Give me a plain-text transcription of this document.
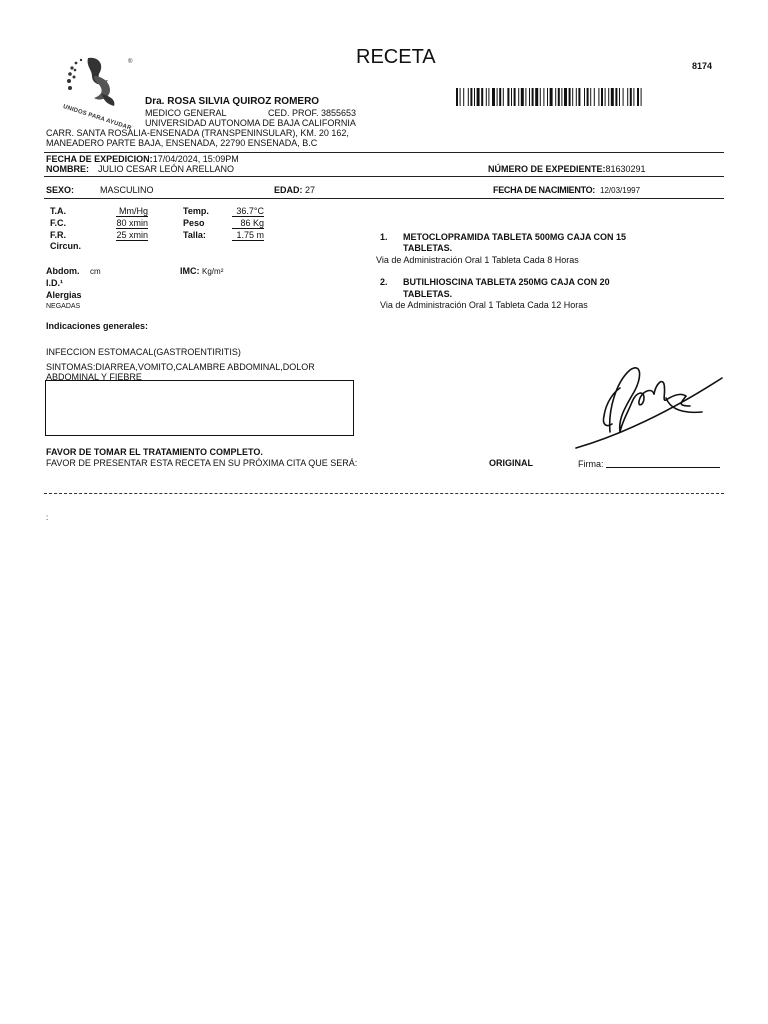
RECETA	8174
®
UNIDOS PARA AYUDAR
Dra. ROSA SILVIA QUIROZ ROMERO
MEDICO GENERAL	CED. PROF. 3855653
UNIVERSIDAD AUTONOMA DE BAJA CALIFORNIA
CARR. SANTA ROSALIA-ENSENADA (TRANSPENINSULAR), KM. 20 162,
MANEADERO PARTE BAJA, ENSENADA, 22790 ENSENADA, B.C
FECHA DE EXPEDICION:17/04/2024, 15:09PM
NOMBRE: JULIO CESAR LEÓN ARELLANO	NÚMERO DE EXPEDIENTE:81630291
SEXO:	MASCULINO	EDAD: 27	FECHA DE NACIMIENTO: 12/03/1997
T.A.	Mm/Hg
F.C.	80 xmin
F.R.	25 xmin
Circun.
Temp.	36.7°C
Peso	86 Kg
Talla:	1.75 m
Abdom. cm	IMC: Kg/m²
I.D.¹
Alergias
NEGADAS
1. METOCLOPRAMIDA TABLETA 500MG CAJA CON 15
TABLETAS.
Via de Administración Oral 1 Tableta Cada 8 Horas
2. BUTILHIOSCINA TABLETA 250MG CAJA CON 20
TABLETAS.
Via de Administración Oral 1 Tableta Cada 12 Horas
Indicaciones generales:
INFECCION ESTOMACAL(GASTROENTIRITIS)
SINTOMAS:DIARREA,VOMITO,CALAMBRE ABDOMINAL,DOLOR
ABDOMINAL Y FIEBRE
FAVOR DE TOMAR EL TRATAMIENTO COMPLETO.
FAVOR DE PRESENTAR ESTA RECETA EN SU PRÓXIMA CITA QUE SERÁ:	ORIGINAL	Firma:
:
